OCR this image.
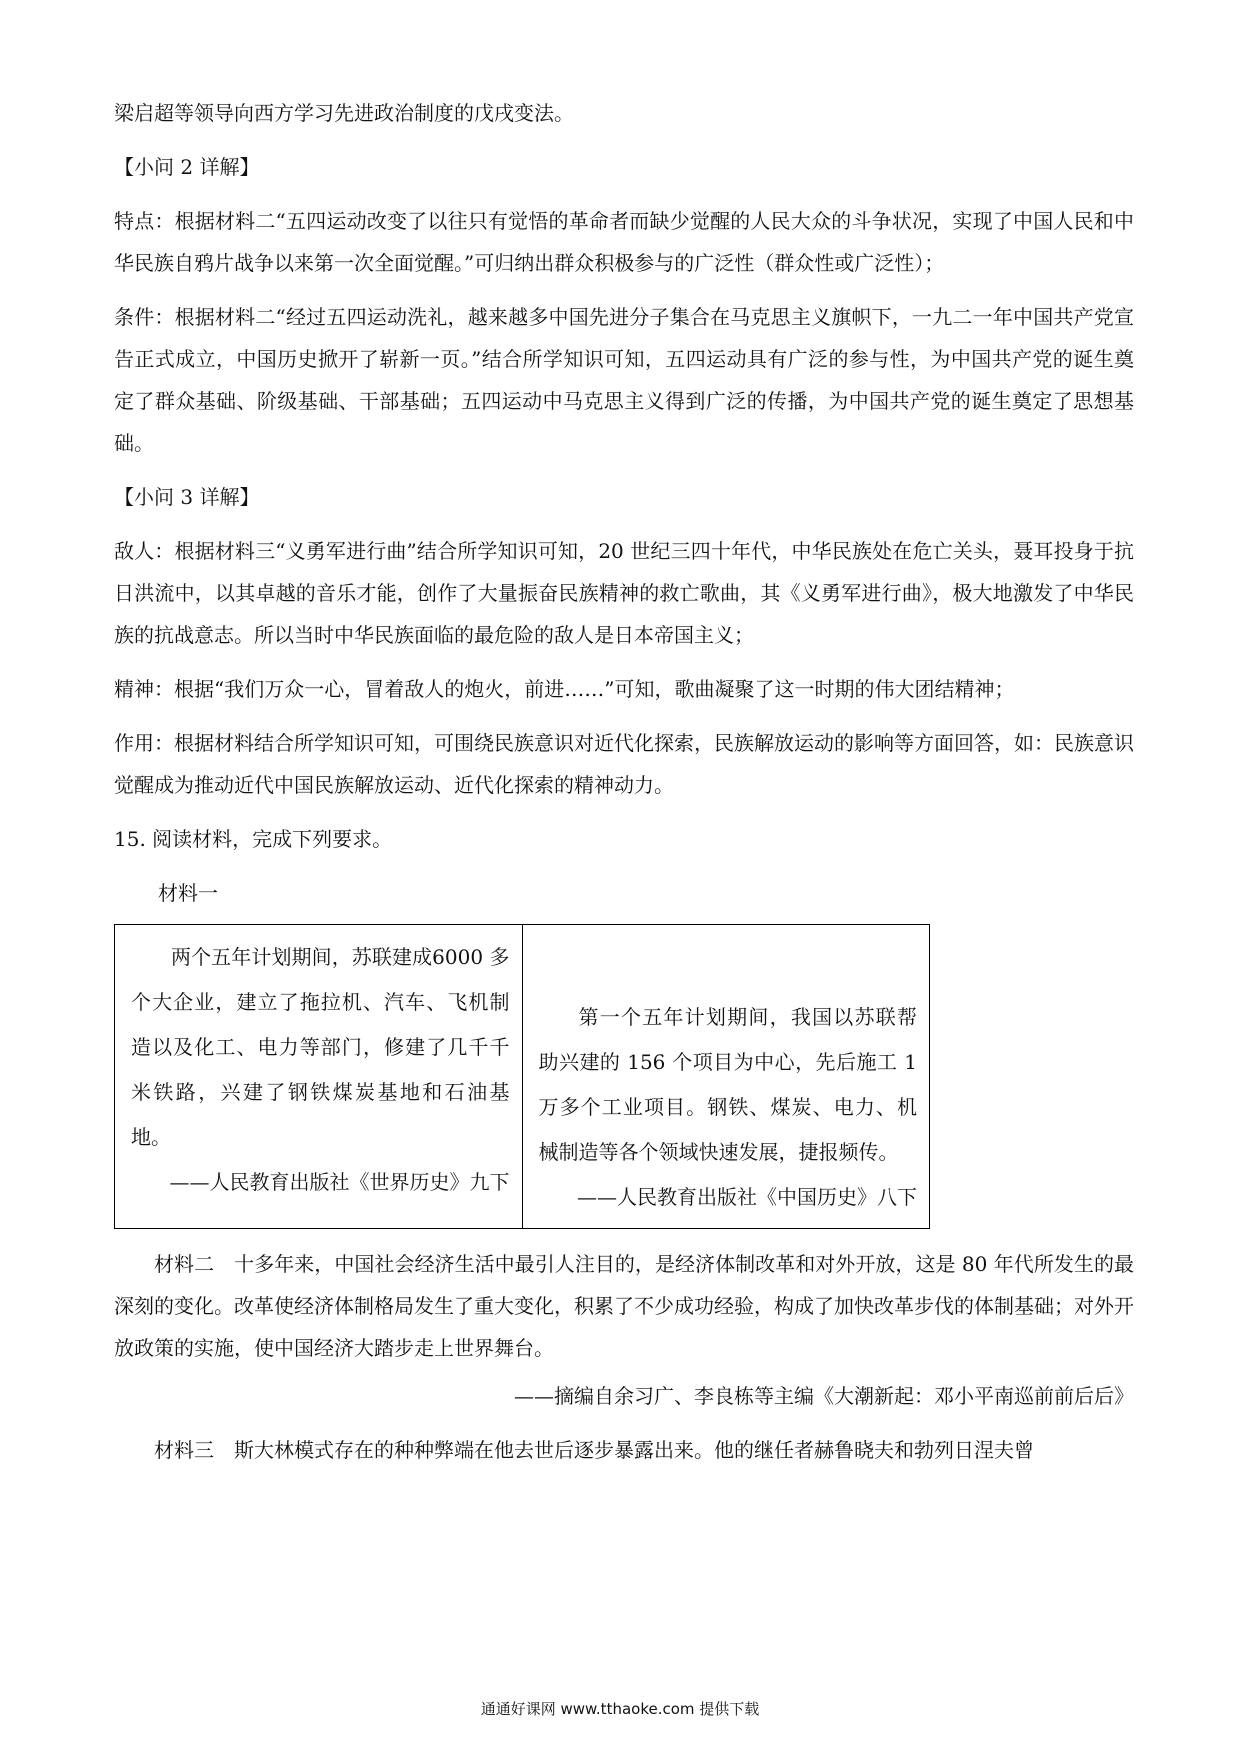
梁启超等领导向西方学习先进政治制度的戊戌变法。

【小问 2 详解】

特点：根据材料二“五四运动改变了以往只有觉悟的革命者而缺少觉醒的人民大众的斗争状况，实现了中国人民和中华民族自鸦片战争以来第一次全面觉醒。”可归纳出群众积极参与的广泛性（群众性或广泛性）；

条件：根据材料二“经过五四运动洗礼，越来越多中国先进分子集合在马克思主义旗帜下，一九二一年中国共产党宣告正式成立，中国历史掀开了崭新一页。”结合所学知识可知，五四运动具有广泛的参与性，为中国共产党的诞生奠定了群众基础、阶级基础、干部基础；五四运动中马克思主义得到广泛的传播，为中国共产党的诞生奠定了思想基础。

【小问 3 详解】

敌人：根据材料三“义勇军进行曲”结合所学知识可知，20 世纪三四十年代，中华民族处在危亡关头，聂耳投身于抗日洪流中，以其卓越的音乐才能，创作了大量振奋民族精神的救亡歌曲，其《义勇军进行曲》，极大地激发了中华民族的抗战意志。所以当时中华民族面临的最危险的敌人是日本帝国主义；

精神：根据“我们万众一心，冒着敌人的炮火，前进……”可知，歌曲凝聚了这一时期的伟大团结精神；

作用：根据材料结合所学知识可知，可围绕民族意识对近代化探索，民族解放运动的影响等方面回答，如：民族意识觉醒成为推动近代中国民族解放运动、近代化探索的精神动力。

15. 阅读材料，完成下列要求。

材料一

两个五年计划期间，苏联建成6000 多个大企业，建立了拖拉机、汽车、飞机制造以及化工、电力等部门，修建了几千千米铁路，兴建了钢铁煤炭基地和石油基地。

——人民教育出版社《世界历史》九下

第一个五年计划期间，我国以苏联帮助兴建的 156 个项目为中心，先后施工 1 万多个工业项目。钢铁、煤炭、电力、机械制造等各个领域快速发展，捷报频传。

——人民教育出版社《中国历史》八下

材料二　十多年来，中国社会经济生活中最引人注目的，是经济体制改革和对外开放，这是 80 年代所发生的最深刻的变化。改革使经济体制格局发生了重大变化，积累了不少成功经验，构成了加快改革步伐的体制基础；对外开放政策的实施，使中国经济大踏步走上世界舞台。

——摘编自余习广、李良栋等主编《大潮新起：邓小平南巡前前后后》

材料三　斯大林模式存在的种种弊端在他去世后逐步暴露出来。他的继任者赫鲁晓夫和勃列日涅夫曾

通通好课网 www.tthaoke.com 提供下载
